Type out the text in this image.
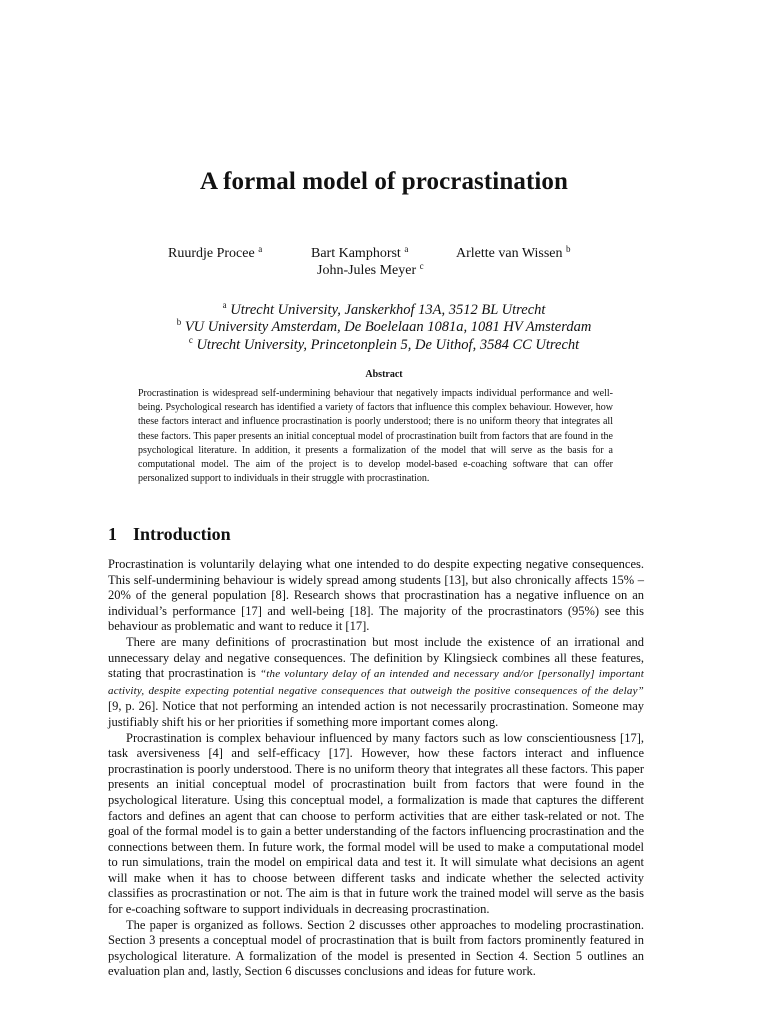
A formal model of procrastination
Ruurdje Procee $^a$	Bart Kamphorst $^a$	Arlette van Wissen $^b$
John-Jules Meyer $^c$
$^a$ Utrecht University, Janskerkhof 13A, 3512 BL Utrecht
$^b$ VU University Amsterdam, De Boelelaan 1081a, 1081 HV Amsterdam
$^c$ Utrecht University, Princetonplein 5, De Uithof, 3584 CC Utrecht
Abstract
Procrastination is widespread self-undermining behaviour that negatively impacts individual performance and well-being. Psychological research has identified a variety of factors that influence this complex behaviour. However, how these factors interact and influence procrastination is poorly understood; there is no uniform theory that integrates all these factors. This paper presents an initial conceptual model of procrastination built from factors that are found in the psychological literature. In addition, it presents a formalization of the model that will serve as the basis for a computational model. The aim of the project is to develop model-based e-coaching software that can offer personalized support to individuals in their struggle with procrastination.
1 Introduction

Procrastination is voluntarily delaying what one intended to do despite expecting negative consequences. This self-undermining behaviour is widely spread among students [13], but also chronically affects 15% – 20% of the general population [8]. Research shows that procrastination has a negative influence on an individual’s performance [17] and well-being [18]. The majority of the procrastinators (95%) see this behaviour as problematic and want to reduce it [17].

There are many definitions of procrastination but most include the existence of an irrational and unnecessary delay and negative consequences. The definition by Klingsieck combines all these features, stating that procrastination is “the voluntary delay of an intended and necessary and/or [personally] important activity, despite expecting potential negative consequences that outweigh the positive consequences of the delay” [9, p. 26]. Notice that not performing an intended action is not necessarily procrastination. Someone may justifiably shift his or her priorities if something more important comes along.

Procrastination is complex behaviour influenced by many factors such as low conscientiousness [17], task aversiveness [4] and self-efficacy [17]. However, how these factors interact and influence procrastination is poorly understood. There is no uniform theory that integrates all these factors. This paper presents an initial conceptual model of procrastination built from factors that were found in the psychological literature. Using this conceptual model, a formalization is made that captures the different factors and defines an agent that can choose to perform activities that are either task-related or not. The goal of the formal model is to gain a better understanding of the factors influencing procrastination and the connections between them. In future work, the formal model will be used to make a computational model to run simulations, train the model on empirical data and test it. It will simulate what decisions an agent will make when it has to choose between different tasks and indicate whether the selected activity classifies as procrastination or not. The aim is that in future work the trained model will serve as the basis for e-coaching software to support individuals in decreasing procrastination.

The paper is organized as follows. Section 2 discusses other approaches to modeling procrastination. Section 3 presents a conceptual model of procrastination that is built from factors prominently featured in psychological literature. A formalization of the model is presented in Section 4. Section 5 outlines an evaluation plan and, lastly, Section 6 discusses conclusions and ideas for future work.
